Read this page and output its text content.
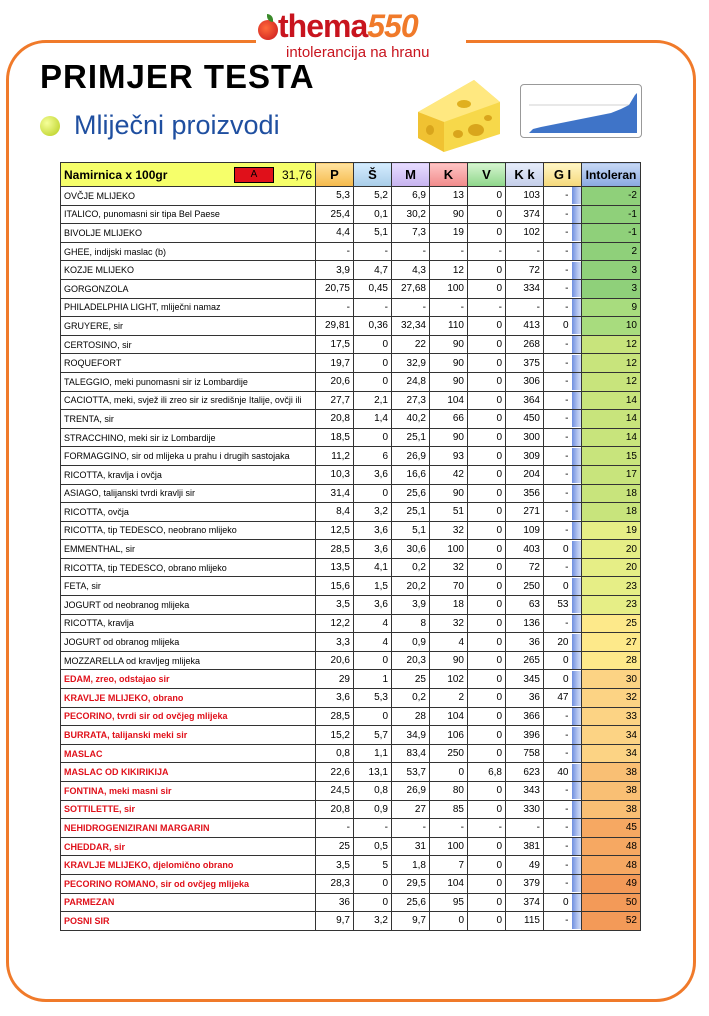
thema550
intolerancija na hranu
PRIMJER TESTA
Mliječni proizvodi
Namirnica x 100gr A 31,76	P	Š	M	K	V	K k	G I		Intoleran
OVČJE MLIJEKO	5,3	5,2	6,9	13	0	103	-		-2
ITALICO, punomasni sir tipa Bel Paese	25,4	0,1	30,2	90	0	374	-		-1
BIVOLJE MLIJEKO	4,4	5,1	7,3	19	0	102	-		-1
GHEE, indijski maslac (b)	-	-	-	-	-	-	-		2
KOZJE MLIJEKO	3,9	4,7	4,3	12	0	72	-		3
GORGONZOLA	20,75	0,45	27,68	100	0	334	-		3
PHILADELPHIA LIGHT, mliječni namaz	-	-	-	-	-	-	-		9
GRUYERE, sir	29,81	0,36	32,34	110	0	413	0		10
CERTOSINO, sir	17,5	0	22	90	0	268	-		12
ROQUEFORT	19,7	0	32,9	90	0	375	-		12
TALEGGIO, meki punomasni sir iz Lombardije	20,6	0	24,8	90	0	306	-		12
CACIOTTA, meki, svjež ili zreo sir iz središnje Italije, ovčji ili	27,7	2,1	27,3	104	0	364	-		14
TRENTA, sir	20,8	1,4	40,2	66	0	450	-		14
STRACCHINO, meki sir iz Lombardije	18,5	0	25,1	90	0	300	-		14
FORMAGGINO, sir od mlijeka u prahu i drugih sastojaka	11,2	6	26,9	93	0	309	-		15
RICOTTA, kravlja i ovčja	10,3	3,6	16,6	42	0	204	-		17
ASIAGO, talijanski tvrdi kravlji sir	31,4	0	25,6	90	0	356	-		18
RICOTTA, ovčja	8,4	3,2	25,1	51	0	271	-		18
RICOTTA, tip TEDESCO, neobrano mlijeko	12,5	3,6	5,1	32	0	109	-		19
EMMENTHAL, sir	28,5	3,6	30,6	100	0	403	0		20
RICOTTA, tip TEDESCO, obrano mlijeko	13,5	4,1	0,2	32	0	72	-		20
FETA, sir	15,6	1,5	20,2	70	0	250	0		23
JOGURT od neobranog mlijeka	3,5	3,6	3,9	18	0	63	53		23
RICOTTA, kravlja	12,2	4	8	32	0	136	-		25
JOGURT od obranog mlijeka	3,3	4	0,9	4	0	36	20		27
MOZZARELLA od kravljeg mlijeka	20,6	0	20,3	90	0	265	0		28
EDAM, zreo, odstajao sir	29	1	25	102	0	345	0		30
KRAVLJE MLIJEKO, obrano	3,6	5,3	0,2	2	0	36	47		32
PECORINO, tvrdi sir od ovčjeg mlijeka	28,5	0	28	104	0	366	-		33
BURRATA, talijanski meki sir	15,2	5,7	34,9	106	0	396	-		34
MASLAC	0,8	1,1	83,4	250	0	758	-		34
MASLAC OD KIKIRIKIJA	22,6	13,1	53,7	0	6,8	623	40		38
FONTINA, meki masni sir	24,5	0,8	26,9	80	0	343	-		38
SOTTILETTE, sir	20,8	0,9	27	85	0	330	-		38
NEHIDROGENIZIRANI MARGARIN	-	-	-	-	-	-	-		45
CHEDDAR, sir	25	0,5	31	100	0	381	-		48
KRAVLJE MLIJEKO, djelomično obrano	3,5	5	1,8	7	0	49	-		48
PECORINO ROMANO, sir od ovčjeg mlijeka	28,3	0	29,5	104	0	379	-		49
PARMEZAN	36	0	25,6	95	0	374	0		50
POSNI SIR	9,7	3,2	9,7	0	0	115	-		52
